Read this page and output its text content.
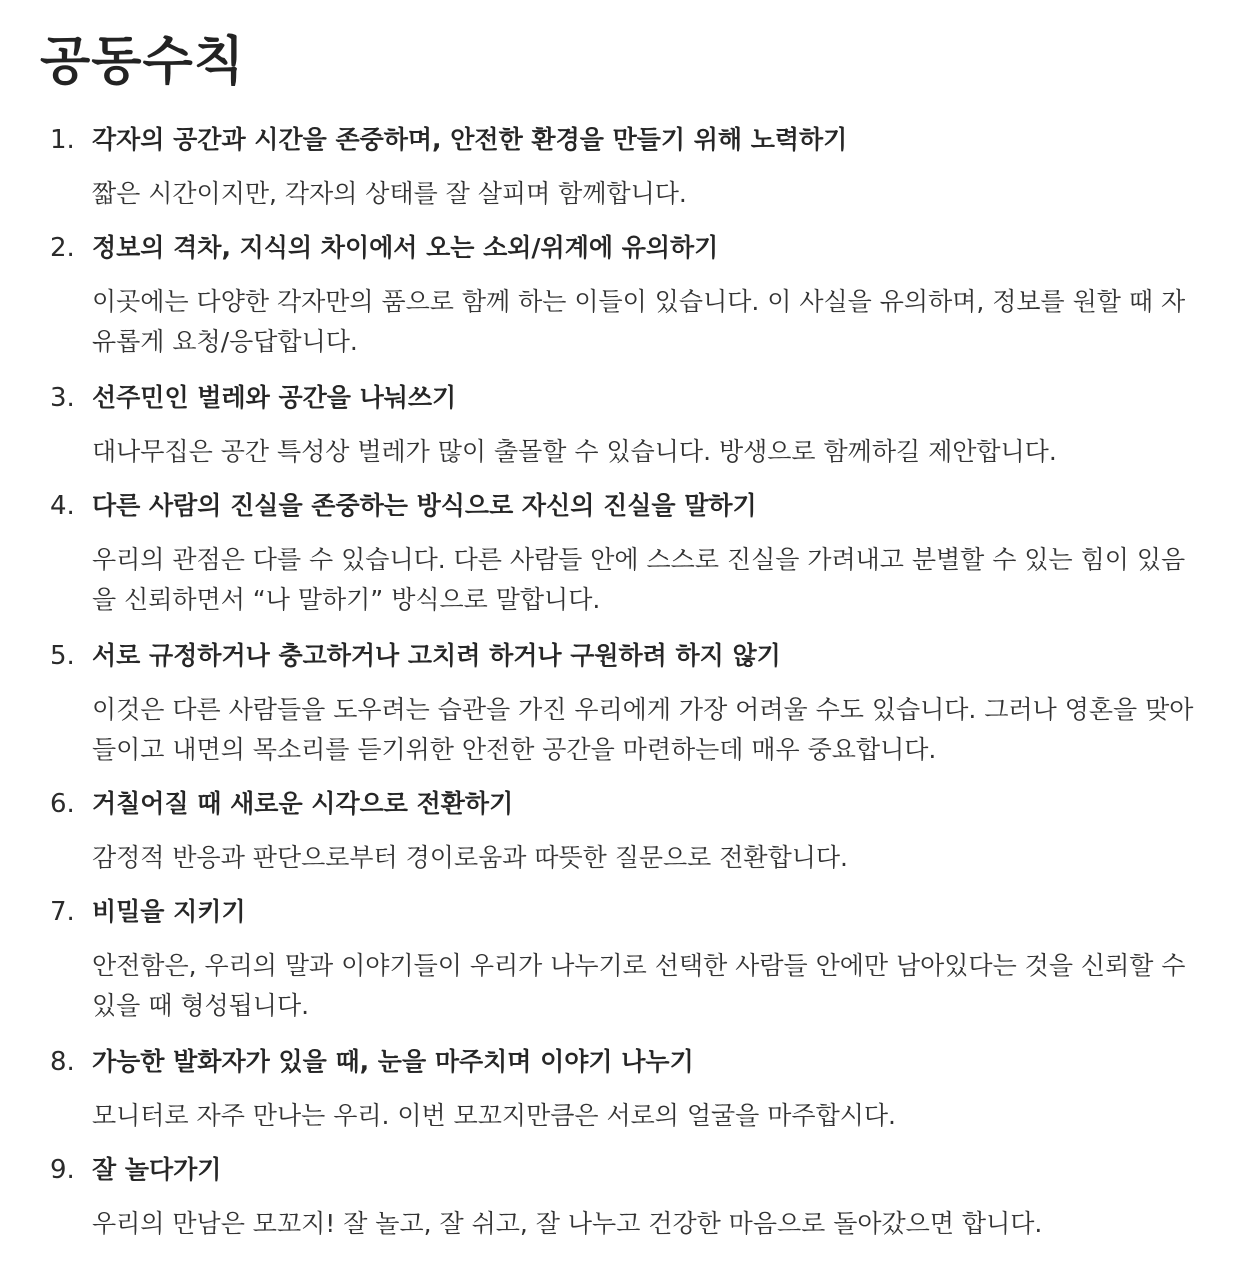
공동수칙
1. 각자의 공간과 시간을 존중하며, 안전한 환경을 만들기 위해 노력하기

짧은 시간이지만, 각자의 상태를 잘 살피며 함께합니다.

2. 정보의 격차, 지식의 차이에서 오는 소외/위계에 유의하기

이곳에는 다양한 각자만의 품으로 함께 하는 이들이 있습니다. 이 사실을 유의하며, 정보를 원할 때 자유롭게 요청/응답합니다.

3. 선주민인 벌레와 공간을 나눠쓰기

대나무집은 공간 특성상 벌레가 많이 출몰할 수 있습니다. 방생으로 함께하길 제안합니다.

4. 다른 사람의 진실을 존중하는 방식으로 자신의 진실을 말하기

우리의 관점은 다를 수 있습니다. 다른 사람들 안에 스스로 진실을 가려내고 분별할 수 있는 힘이 있음을 신뢰하면서 “나 말하기” 방식으로 말합니다.

5. 서로 규정하거나 충고하거나 고치려 하거나 구원하려 하지 않기

이것은 다른 사람들을 도우려는 습관을 가진 우리에게 가장 어려울 수도 있습니다. 그러나 영혼을 맞아들이고 내면의 목소리를 듣기위한 안전한 공간을 마련하는데 매우 중요합니다.

6. 거칠어질 때 새로운 시각으로 전환하기

감정적 반응과 판단으로부터 경이로움과 따뜻한 질문으로 전환합니다.

7. 비밀을 지키기

안전함은, 우리의 말과 이야기들이 우리가 나누기로 선택한 사람들 안에만 남아있다는 것을 신뢰할 수 있을 때 형성됩니다.

8. 가능한 발화자가 있을 때, 눈을 마주치며 이야기 나누기

모니터로 자주 만나는 우리. 이번 모꼬지만큼은 서로의 얼굴을 마주합시다.

9. 잘 놀다가기

우리의 만남은 모꼬지! 잘 놀고, 잘 쉬고, 잘 나누고 건강한 마음으로 돌아갔으면 합니다.
